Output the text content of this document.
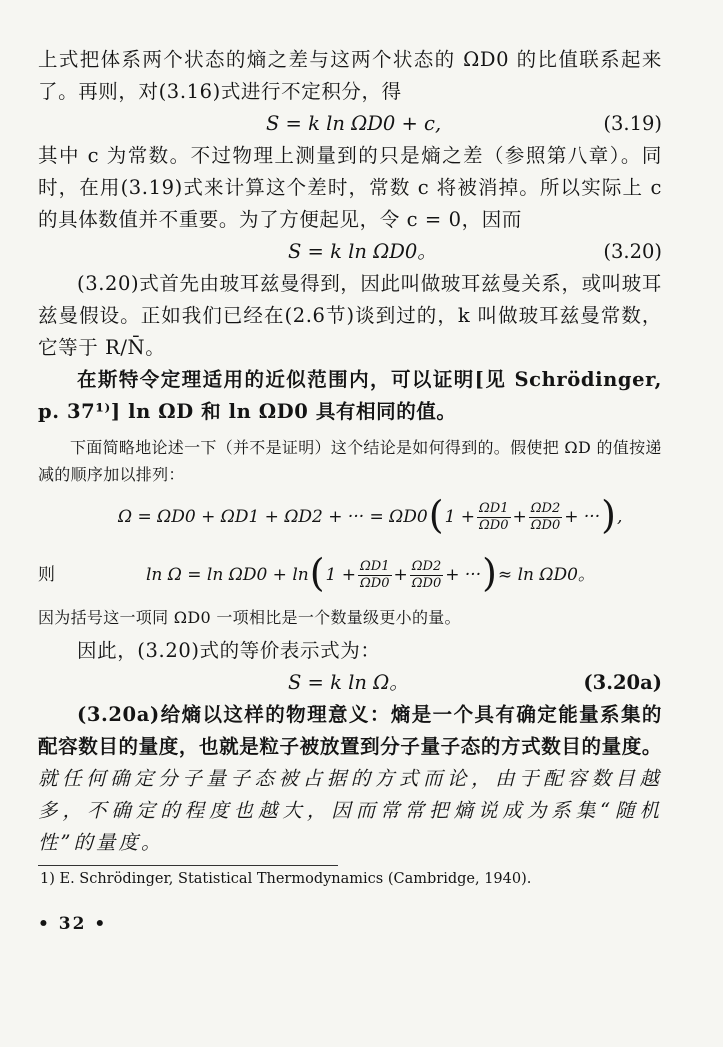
上式把体系两个状态的熵之差与这两个状态的 ΩD0 的比值联系起来了。再则，对(3.16)式进行不定积分，得

S = k ln ΩD0 + c,	(3.19)

其中 c 为常数。不过物理上测量到的只是熵之差（参照第八章）。同时，在用(3.19)式来计算这个差时，常数 c 将被消掉。所以实际上 c 的具体数值并不重要。为了方便起见，令 c = 0，因而

S = k ln ΩD0。	(3.20)

(3.20)式首先由玻耳兹曼得到，因此叫做玻耳兹曼关系，或叫玻耳兹曼假设。正如我们已经在(2.6节)谈到过的，k 叫做玻耳兹曼常数，它等于 R/N̄。

在斯特令定理适用的近似范围内，可以证明[见 Schrödinger, p. 37¹⁾] ln ΩD 和 ln ΩD0 具有相同的值。

下面简略地论述一下（并不是证明）这个结论是如何得到的。假使把 ΩD 的值按递减的顺序加以排列：

Ω = ΩD0 + ΩD1 + ΩD2 + ··· = ΩD0 ( $1 + \frac{\Omega D1}{\Omega D0} + \frac{\Omega D2}{\Omega D0}$ + ··· ) ,
则	ln Ω = ln ΩD0 + ln ( $1 + \frac{\Omega D1}{\Omega D0} + \frac{\Omega D2}{\Omega D0}$ + ··· ) ≈ ln ΩD0。

因为括号这一项同 ΩD0 一项相比是一个数量级更小的量。

因此，(3.20)式的等价表示式为：

S = k ln Ω。	(3.20a)

(3.20a)给熵以这样的物理意义：熵是一个具有确定能量系集的配容数目的量度，也就是粒子被放置到分子量子态的方式数目的量度。就任何确定分子量子态被占据的方式而论，由于配容数目越多，不确定的程度也越大，因而常常把熵说成为系集“随机性”的量度。

1) E. Schrödinger, Statistical Thermodynamics (Cambridge, 1940).

• 32 •
